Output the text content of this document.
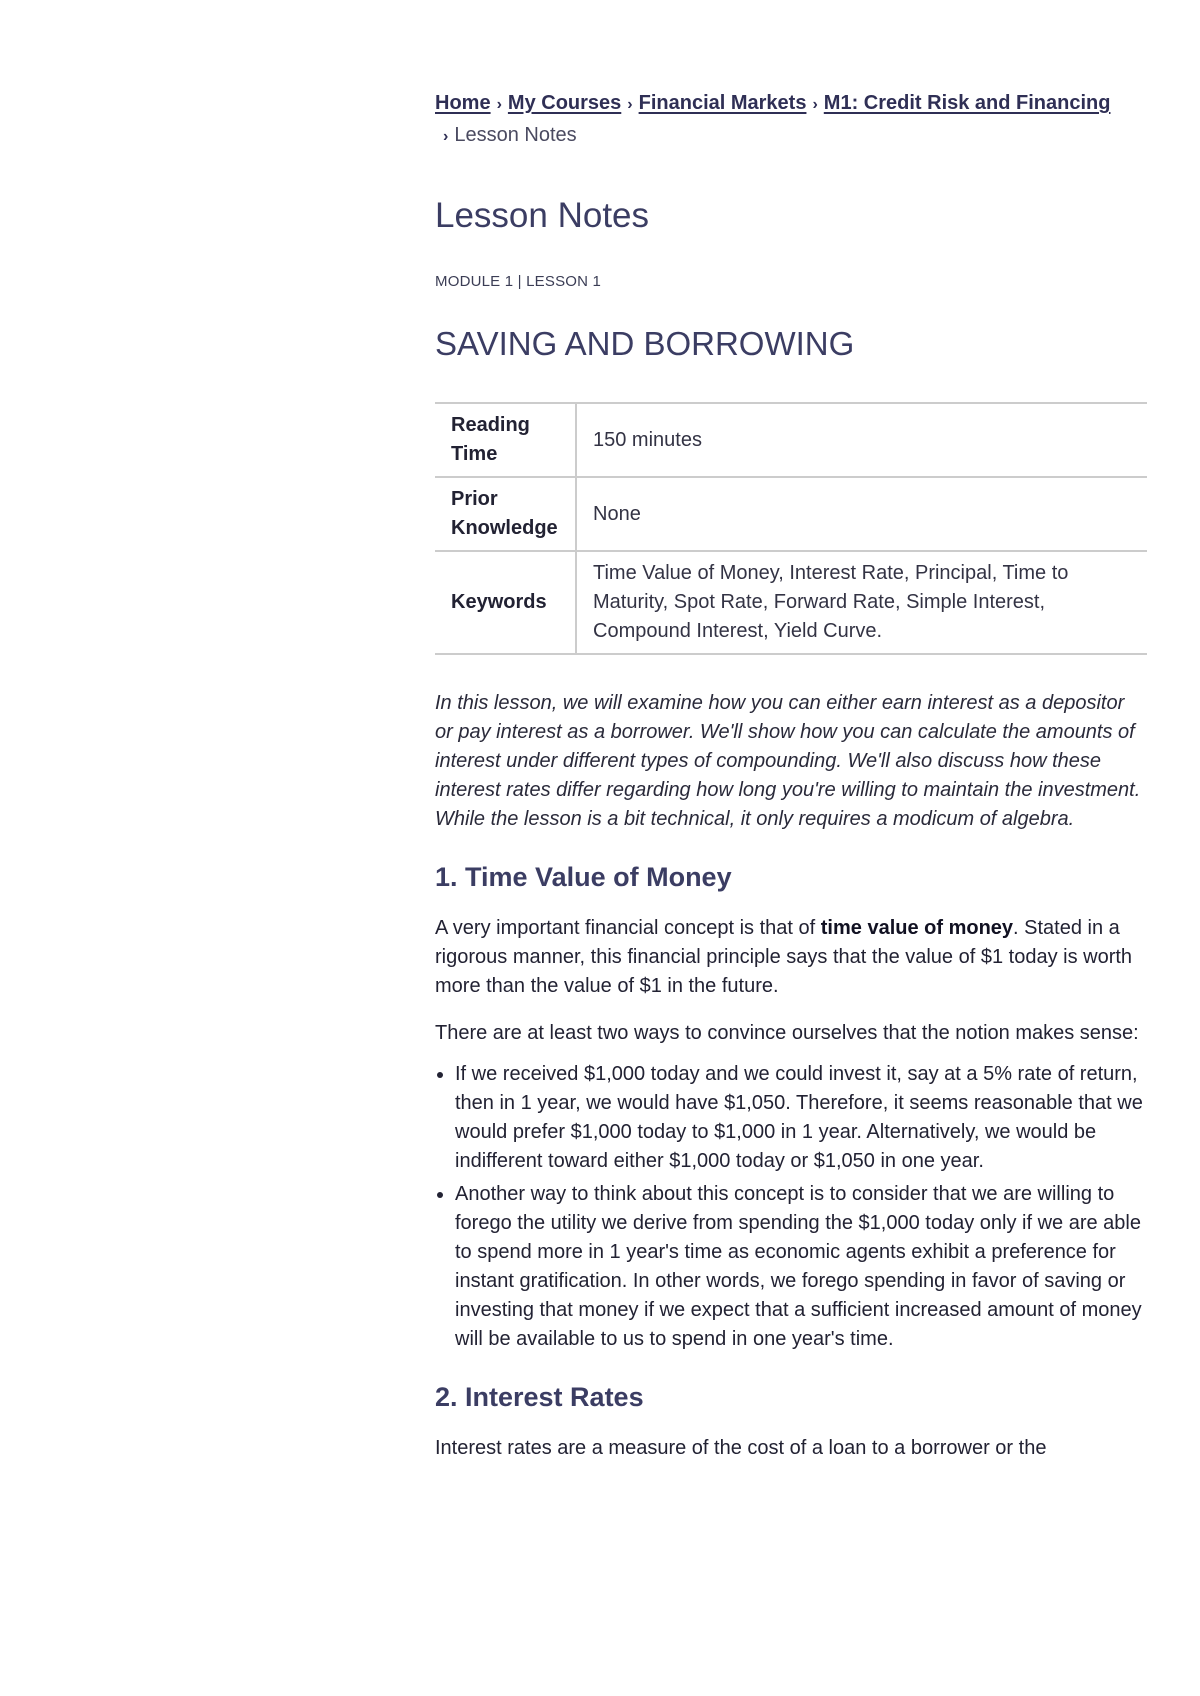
Home › My Courses › Financial Markets › M1: Credit Risk and Financing
› Lesson Notes
Lesson Notes
MODULE 1 | LESSON 1
SAVING AND BORROWING
Reading Time	150 minutes
Prior Knowledge	None
Keywords	Time Value of Money, Interest Rate, Principal, Time to Maturity, Spot Rate, Forward Rate, Simple Interest, Compound Interest, Yield Curve.

In this lesson, we will examine how you can either earn interest as a depositor or pay interest as a borrower. We'll show how you can calculate the amounts of interest under different types of compounding. We'll also discuss how these interest rates differ regarding how long you're willing to maintain the investment. While the lesson is a bit technical, it only requires a modicum of algebra.

1. Time Value of Money

A very important financial concept is that of time value of money. Stated in a rigorous manner, this financial principle says that the value of $1 today is worth more than the value of $1 in the future.

There are at least two ways to convince ourselves that the notion makes sense:

• If we received $1,000 today and we could invest it, say at a 5% rate of return, then in 1 year, we would have $1,050. Therefore, it seems reasonable that we would prefer $1,000 today to $1,000 in 1 year. Alternatively, we would be indifferent toward either $1,000 today or $1,050 in one year.
• Another way to think about this concept is to consider that we are willing to forego the utility we derive from spending the $1,000 today only if we are able to spend more in 1 year's time as economic agents exhibit a preference for instant gratification. In other words, we forego spending in favor of saving or investing that money if we expect that a sufficient increased amount of money will be available to us to spend in one year's time.
2. Interest Rates

Interest rates are a measure of the cost of a loan to a borrower or the
